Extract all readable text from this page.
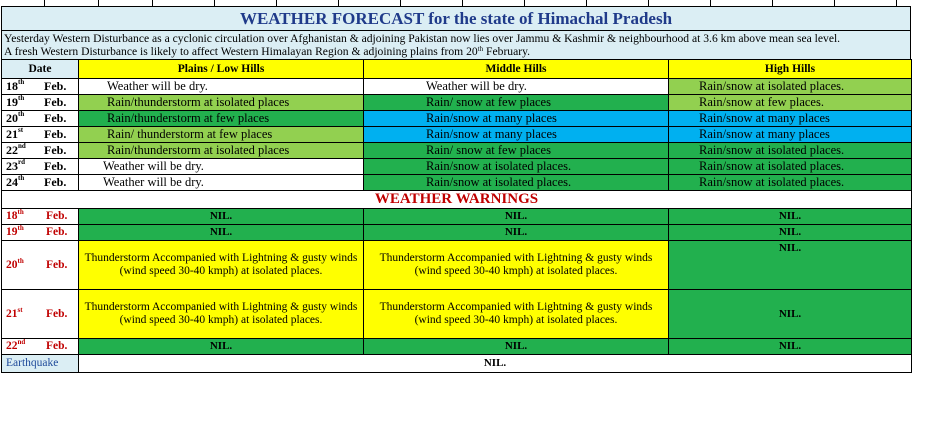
WEATHER FORECAST for the state of Himachal Pradesh

Yesterday Western Disturbance as a cyclonic circulation over Afghanistan & adjoining Pakistan now lies over Jammu & Kashmir & neighbourhood at 3.6 km above mean sea level.

A fresh Western Disturbance is likely to affect Western Himalayan Region & adjoining plains from 20th February.

Date	Plains / Low Hills	Middle Hills	High Hills
18th Feb.	Weather will be dry.	Weather will be dry.	Rain/snow at isolated places.
19th Feb.	Rain/thunderstorm at isolated places	Rain/ snow at few places	Rain/snow at few places.
20th Feb.	Rain/thunderstorm at few places	Rain/snow at many places	Rain/snow at many places
21st Feb.	Rain/ thunderstorm at few places	Rain/snow at many places	Rain/snow at many places
22nd Feb.	Rain/thunderstorm at isolated places	Rain/ snow at few places	Rain/snow at isolated places.
23rd Feb.	Weather will be dry.	Rain/snow at isolated places.	Rain/snow at isolated places.
24th Feb.	Weather will be dry.	Rain/snow at isolated places.	Rain/snow at isolated places.
WEATHER WARNINGS			
18th Feb.	NIL.	NIL.	NIL.
19th Feb.	NIL.	NIL.	NIL.
20th Feb.	Thunderstorm Accompanied with Lightning & gusty winds (wind speed 30-40 kmph) at isolated places.	Thunderstorm Accompanied with Lightning & gusty winds (wind speed 30-40 kmph) at isolated places.	NIL.
21st Feb.	Thunderstorm Accompanied with Lightning & gusty winds (wind speed 30-40 kmph) at isolated places.	Thunderstorm Accompanied with Lightning & gusty winds (wind speed 30-40 kmph) at isolated places.	NIL.
22nd Feb.	NIL.	NIL.	NIL.
Earthquake	NIL.		
